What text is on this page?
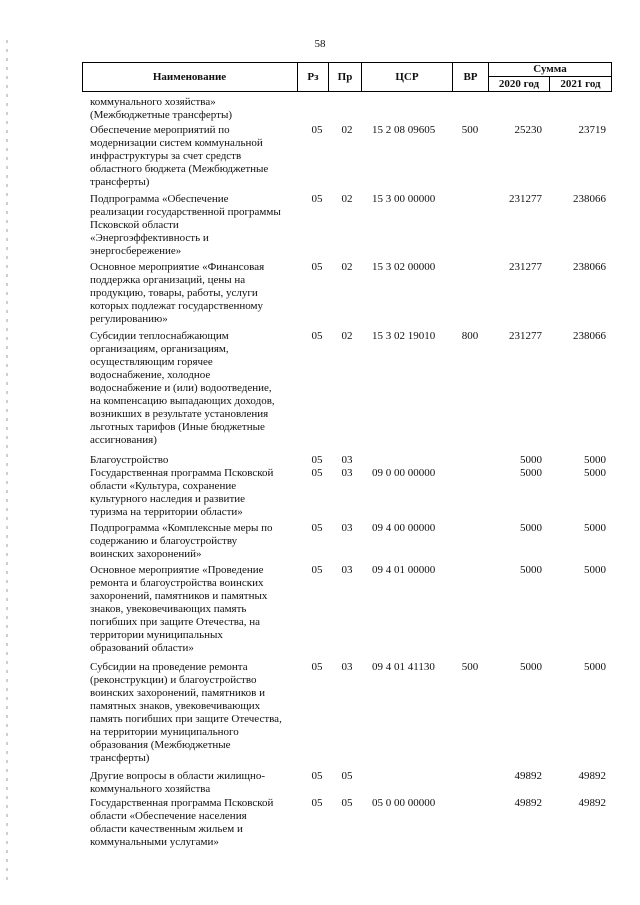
58
Наименование	Рз	Пр	ЦСР	ВР
Сумма
2020 год	2021 год
коммунального хозяйства»
(Межбюджетные трансферты)
Обеспечение мероприятий по
модернизации систем коммунальной
инфраструктуры за счет средств
областного бюджета (Межбюджетные
трансферты)
05	02	15 2 08 09605	500	25230	23719
Подпрограмма «Обеспечение
реализации государственной программы
Псковской области
«Энергоэффективность и
энергосбережение»
05	02	15 3 00 00000	231277	238066
Основное мероприятие «Финансовая
поддержка организаций, цены на
продукцию, товары, работы, услуги
которых подлежат государственному
регулированию»
05	02	15 3 02 00000	231277	238066
Субсидии теплоснабжающим
организациям, организациям,
осуществляющим горячее
водоснабжение, холодное
водоснабжение и (или) водоотведение,
на компенсацию выпадающих доходов,
возникших в результате установления
льготных тарифов (Иные бюджетные
ассигнования)
05	02	15 3 02 19010	800	231277	238066
Благоустройство	05	03	5000	5000
Государственная программа Псковской
области «Культура, сохранение
культурного наследия и развитие
туризма на территории области»
05	03	09 0 00 00000	5000	5000
Подпрограмма «Комплексные меры по
содержанию и благоустройству
воинских захоронений»
05	03	09 4 00 00000	5000	5000
Основное мероприятие «Проведение
ремонта и благоустройства воинских
захоронений, памятников и памятных
знаков, увековечивающих память
погибших при защите Отечества, на
территории муниципальных
образований области»
05	03	09 4 01 00000	5000	5000
Субсидии на проведение ремонта
(реконструкции) и благоустройство
воинских захоронений, памятников и
памятных знаков, увековечивающих
память погибших при защите Отечества,
на территории муниципального
образования (Межбюджетные
трансферты)
05	03	09 4 01 41130	500	5000	5000
Другие вопросы в области жилищно-
коммунального хозяйства
05	05	49892	49892
Государственная программа Псковской
области «Обеспечение населения
области качественным жильем и
коммунальными услугами»
05	05	05 0 00 00000	49892	49892
